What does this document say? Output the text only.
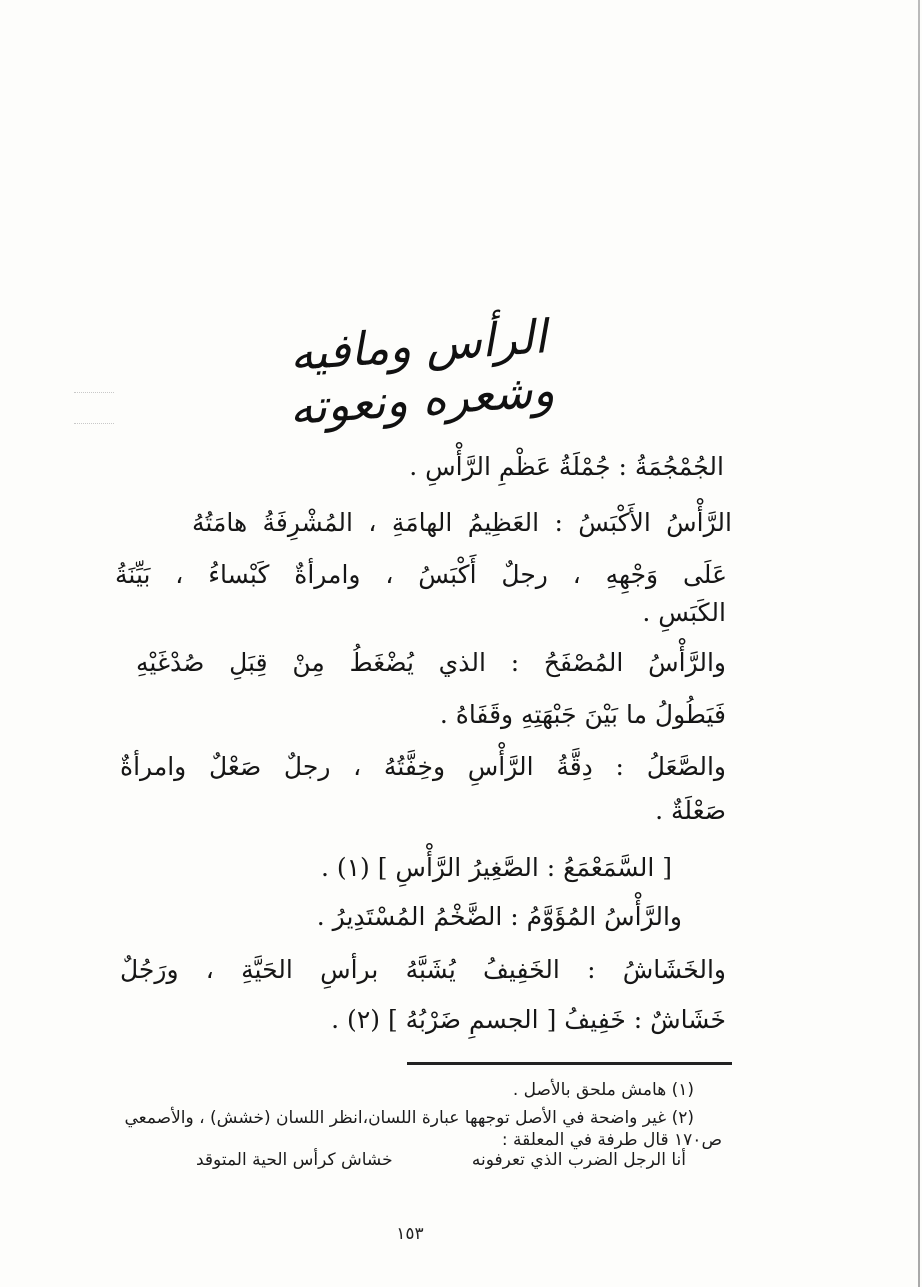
الرأس ومافيه وشعره ونعوته
الجُمْجُمَةُ : جُمْلَةُ عَظْمِ الرَّأْسِ .
الرَّأْسُ الأَكْبَسُ : العَظِيمُ الهامَةِ ، المُشْرِفَةُ هامَتُهُ
عَلَى وَجْهِهِ ، رجلٌ أَكْبَسُ ، وامرأةٌ كَبْساءُ ، بَيِّنَةُ
الكَبَسِ .
والرَّأْسُ المُصْفَحُ : الذي يُضْغَطُ مِنْ قِبَلِ صُدْغَيْهِ
فَيَطُولُ ما بَيْنَ جَبْهَتِهِ وقَفَاهُ .
والصَّعَلُ : دِقَّةُ الرَّأْسِ وخِفَّتُهُ ، رجلٌ صَعْلٌ وامرأةٌ
صَعْلَةٌ .
[ السَّمَعْمَعُ : الصَّغِيرُ الرَّأْسِ ] (١) .
والرَّأْسُ المُؤَوَّمُ : الضَّخْمُ المُسْتَدِيرُ .
والخَشَاشُ : الخَفِيفُ يُشَبَّهُ برأسِ الحَيَّةِ ، ورَجُلٌ
خَشَاشٌ : خَفِيفُ [ الجسمِ ضَرْبُهُ ] (٢) .
(١) هامش ملحق بالأصل .
(٢) غير واضحة في الأصل توجهها عبارة اللسان،انظر اللسان (خشش) ، والأصمعي
ص١٧٠ قال طرفة في المعلقة :
أنا الرجل الضرب الذي تعرفونه
خشاش كرأس الحية المتوقد
١٥٣
